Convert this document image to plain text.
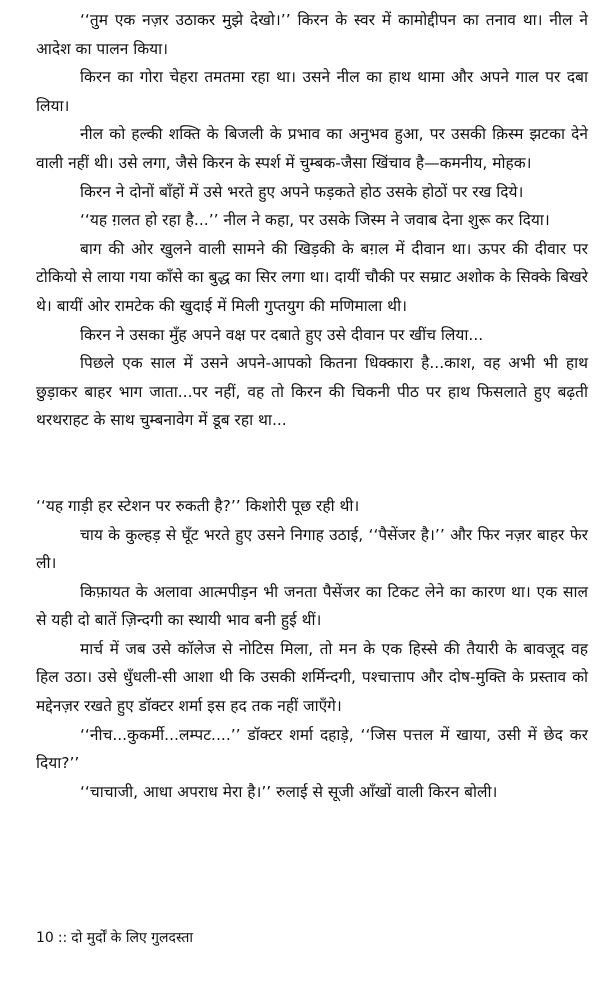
‘‘तुम एक नज़र उठाकर मुझे देखो।’’ किरन के स्वर में कामोद्दीपन का तनाव था। नील ने आदेश का पालन किया।

किरन का गोरा चेहरा तमतमा रहा था। उसने नील का हाथ थामा और अपने गाल पर दबा लिया।

नील को हल्की शक्ति के बिजली के प्रभाव का अनुभव हुआ, पर उसकी क़िस्म झटका देने वाली नहीं थी। उसे लगा, जैसे किरन के स्पर्श में चुम्बक-जैसा खिंचाव है—कमनीय, मोहक।

किरन ने दोनों बाँहों में उसे भरते हुए अपने फड़कते होठ उसके होठों पर रख दिये।

‘‘यह ग़लत हो रहा है...’’ नील ने कहा, पर उसके जिस्म ने जवाब देना शुरू कर दिया।

बाग की ओर खुलने वाली सामने की खिड़की के बग़ल में दीवान था। ऊपर की दीवार पर टोकियो से लाया गया काँसे का बुद्ध का सिर लगा था। दायीं चौकी पर सम्राट अशोक के सिक्के बिखरे थे। बायीं ओर रामटेक की खुदाई में मिली गुप्तयुग की मणिमाला थी।

किरन ने उसका मुँह अपने वक्ष पर दबाते हुए उसे दीवान पर खींच लिया...

पिछले एक साल में उसने अपने-आपको कितना धिक्कारा है...काश, वह अभी भी हाथ छुड़ाकर बाहर भाग जाता...पर नहीं, वह तो किरन की चिकनी पीठ पर हाथ फिसलाते हुए बढ़ती थरथराहट के साथ चुम्बनावेग में डूब रहा था...

‘‘यह गाड़ी हर स्टेशन पर रुकती है?’’ किशोरी पूछ रही थी।

चाय के कुल्हड़ से घूँट भरते हुए उसने निगाह उठाई, ‘‘पैसेंजर है।’’ और फिर नज़र बाहर फेर ली।

किफ़ायत के अलावा आत्मपीड़न भी जनता पैसेंजर का टिकट लेने का कारण था। एक साल से यही दो बातें ज़िन्दगी का स्थायी भाव बनी हुई थीं।

मार्च में जब उसे कॉलेज से नोटिस मिला, तो मन के एक हिस्से की तैयारी के बावजूद वह हिल उठा। उसे धुँधली-सी आशा थी कि उसकी शर्मिन्दगी, पश्चात्ताप और दोष-मुक्ति के प्रस्ताव को मद्देनज़र रखते हुए डॉक्टर शर्मा इस हद तक नहीं जाएँगे।

‘‘नीच...कुकर्मी...लम्पट....’’ डॉक्टर शर्मा दहाड़े, ‘‘जिस पत्तल में खाया, उसी में छेद कर दिया?’’

‘‘चाचाजी, आधा अपराध मेरा है।’’ रुलाई से सूजी आँखों वाली किरन बोली।

10 :: दो मुर्दों के लिए गुलदस्ता
